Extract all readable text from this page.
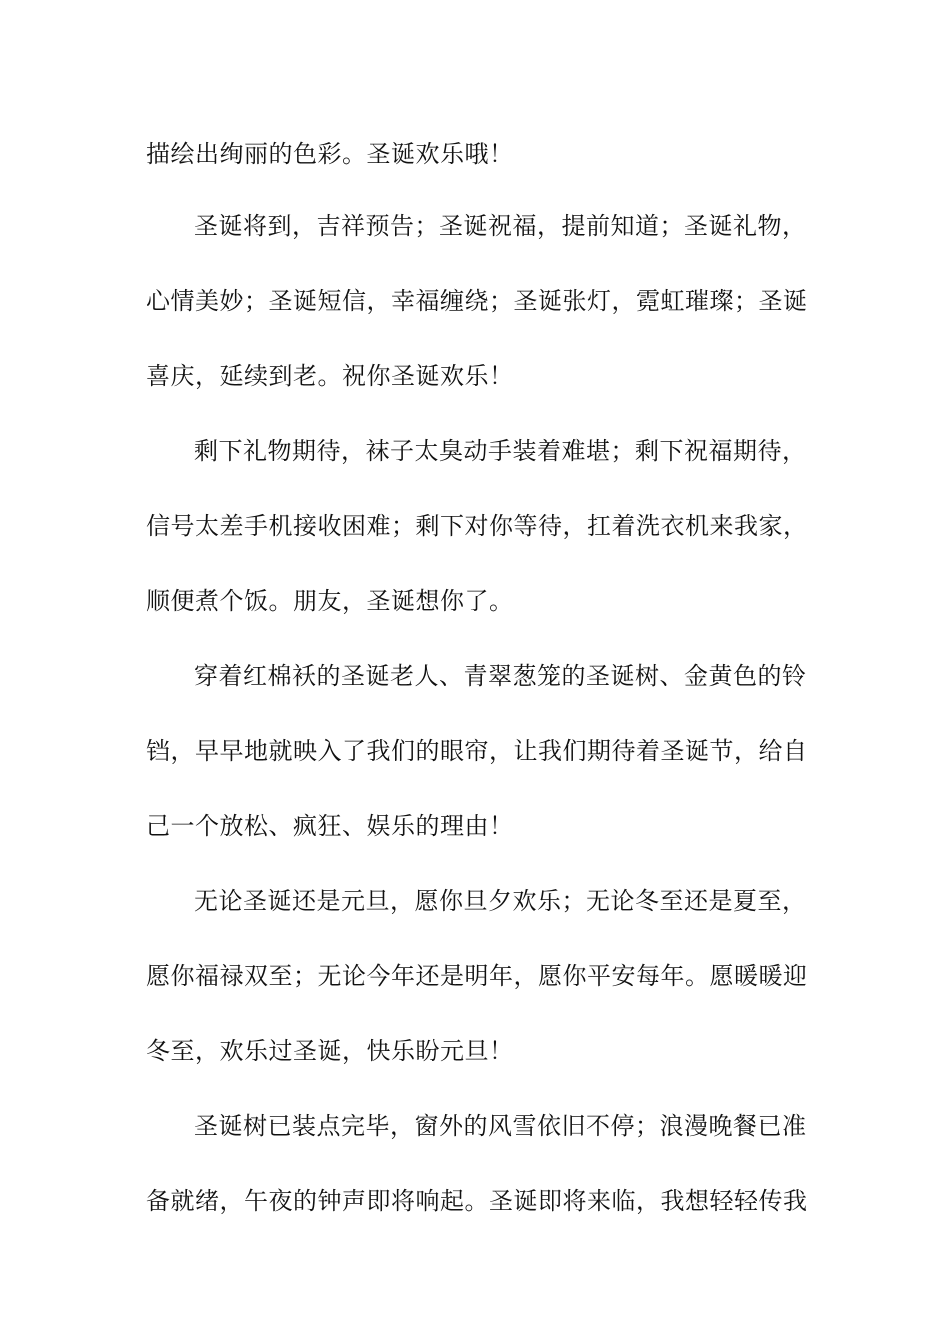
描绘出绚丽的色彩。圣诞欢乐哦！
圣诞将到，吉祥预告；圣诞祝福，提前知道；圣诞礼物，
心情美妙；圣诞短信，幸福缠绕；圣诞张灯，霓虹璀璨；圣诞
喜庆，延续到老。祝你圣诞欢乐！
剩下礼物期待，袜子太臭动手装着难堪；剩下祝福期待，
信号太差手机接收困难；剩下对你等待，扛着洗衣机来我家，
顺便煮个饭。朋友，圣诞想你了。
穿着红棉袄的圣诞老人、青翠葱笼的圣诞树、金黄色的铃
铛，早早地就映入了我们的眼帘，让我们期待着圣诞节，给自
己一个放松、疯狂、娱乐的理由！
无论圣诞还是元旦，愿你旦夕欢乐；无论冬至还是夏至，
愿你福禄双至；无论今年还是明年，愿你平安每年。愿暖暖迎
冬至，欢乐过圣诞，快乐盼元旦！
圣诞树已装点完毕，窗外的风雪依旧不停；浪漫晚餐已准
备就绪，午夜的钟声即将响起。圣诞即将来临，我想轻轻传我
